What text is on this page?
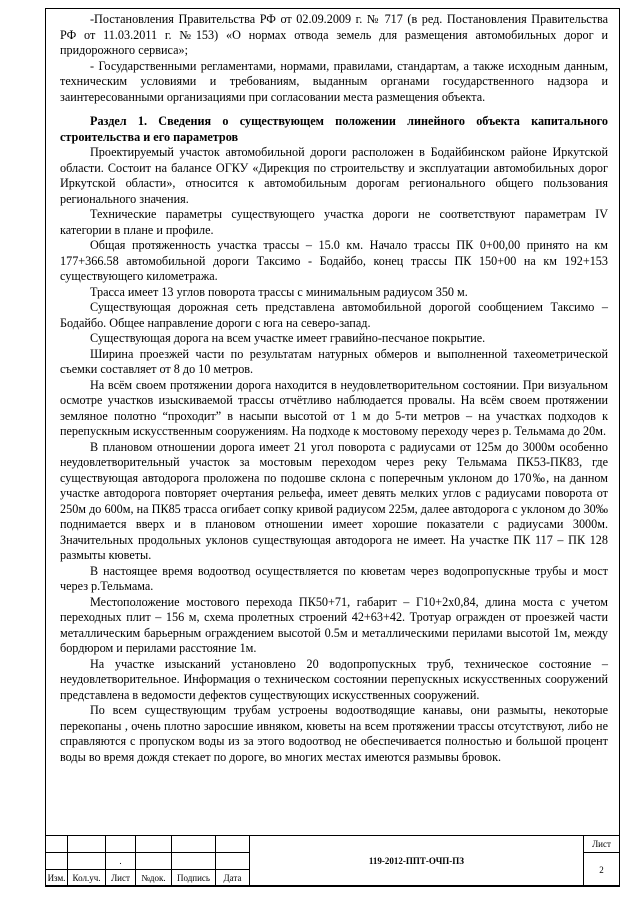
-Постановления Правительства РФ от 02.09.2009 г. № 717 (в ред. Постановления Правительства РФ от 11.03.2011 г. №153) «О нормах отвода земель для размещения автомобильных дорог и придорожного сервиса»;

- Государственными регламентами, нормами, правилами, стандартам, а также исходным данным, техническим условиями и требованиям, выданным органами государственного надзора и заинтересованными организациями при согласовании места размещения объекта.

Раздел 1. Сведения о существующем положении линейного объекта капитального строительства и его параметров

Проектируемый участок автомобильной дороги расположен в Бодайбинском районе Иркутской области. Состоит на балансе ОГКУ «Дирекция по строительству и эксплуатации автомобильных дорог Иркутской области», относится к автомобильным дорогам регионального общего пользования регионального значения.

Технические параметры существующего участка дороги не соответствуют параметрам IV категории в плане и профиле.

Общая протяженность участка трассы – 15.0 км. Начало трассы ПК 0+00,00 принято на км 177+366.58 автомобильной дороги Таксимо - Бодайбо, конец трассы ПК 150+00 на км 192+153 существующего километража.

Трасса имеет 13 углов поворота трассы с минимальным радиусом 350 м.

Существующая дорожная сеть представлена автомобильной дорогой сообщением Таксимо – Бодайбо. Общее направление дороги с юга на северо-запад.

Существующая дорога на всем участке имеет гравийно-песчаное покрытие.

Ширина проезжей части по результатам натурных обмеров и выполненной тахеометрической съемки составляет от 8 до 10 метров.

На всём своем протяжении дорога находится в неудовлетворительном состоянии. При визуальном осмотре участков изыскиваемой трассы отчётливо наблюдается провалы. На всём своем протяжении земляное полотно “проходит” в насыпи высотой от 1 м до 5-ти метров – на участках подходов к перепускным искусственным сооружениям. На подходе к мостовому переходу через р. Тельмама до 20м.

В плановом отношении дорога имеет 21 угол поворота с радиусами от 125м до 3000м особенно неудовлетворительный участок за мостовым переходом через реку Тельмама ПК53-ПК83, где существующая автодорога проложена по подошве склона с поперечным уклоном до 170‰, на данном участке автодорога повторяет очертания рельефа, имеет девять мелких углов с радиусами поворота от 250м до 600м, на ПК85 трасса огибает сопку кривой радиусом 225м, далее автодорога с уклоном до 30‰ поднимается вверх и в плановом отношении имеет хорошие показатели с радиусами 3000м. Значительных продольных уклонов существующая автодорога не имеет. На участке ПК 117 – ПК 128 размыты кюветы.

В настоящее время водоотвод осуществляется по кюветам через водопропускные трубы и мост через р.Тельмама.

Местоположение мостового перехода ПК50+71, габарит – Г10+2х0,84, длина моста с учетом переходных плит – 156 м, схема пролетных строений 42+63+42. Тротуар огражден от проезжей части металлическим барьерным ограждением высотой 0.5м и металлическими перилами высотой 1м, между бордюром и перилами расстояние 1м.

На участке изысканий установлено 20 водопропускных труб, техническое состояние – неудовлетворительное. Информация о техническом состоянии перепускных искусственных сооружений представлена в ведомости дефектов существующих искусственных сооружений.

По всем существующим трубам устроены водоотводящие канавы, они размыты, некоторые перекопаны , очень плотно заросшие ивняком, кюветы на всем протяжении трассы отсутствуют, либо не справляются с пропуском воды из за этого водоотвод не обеспечивается полностью и большой процент воды во время дождя стекает по дороге, во многих местах имеются размывы бровок.

						119-2012-ППТ-ОЧП-ПЗ	Лист
		.					2
Изм.	Кол.уч.	Лист	№док.	Подпись	Дата		
